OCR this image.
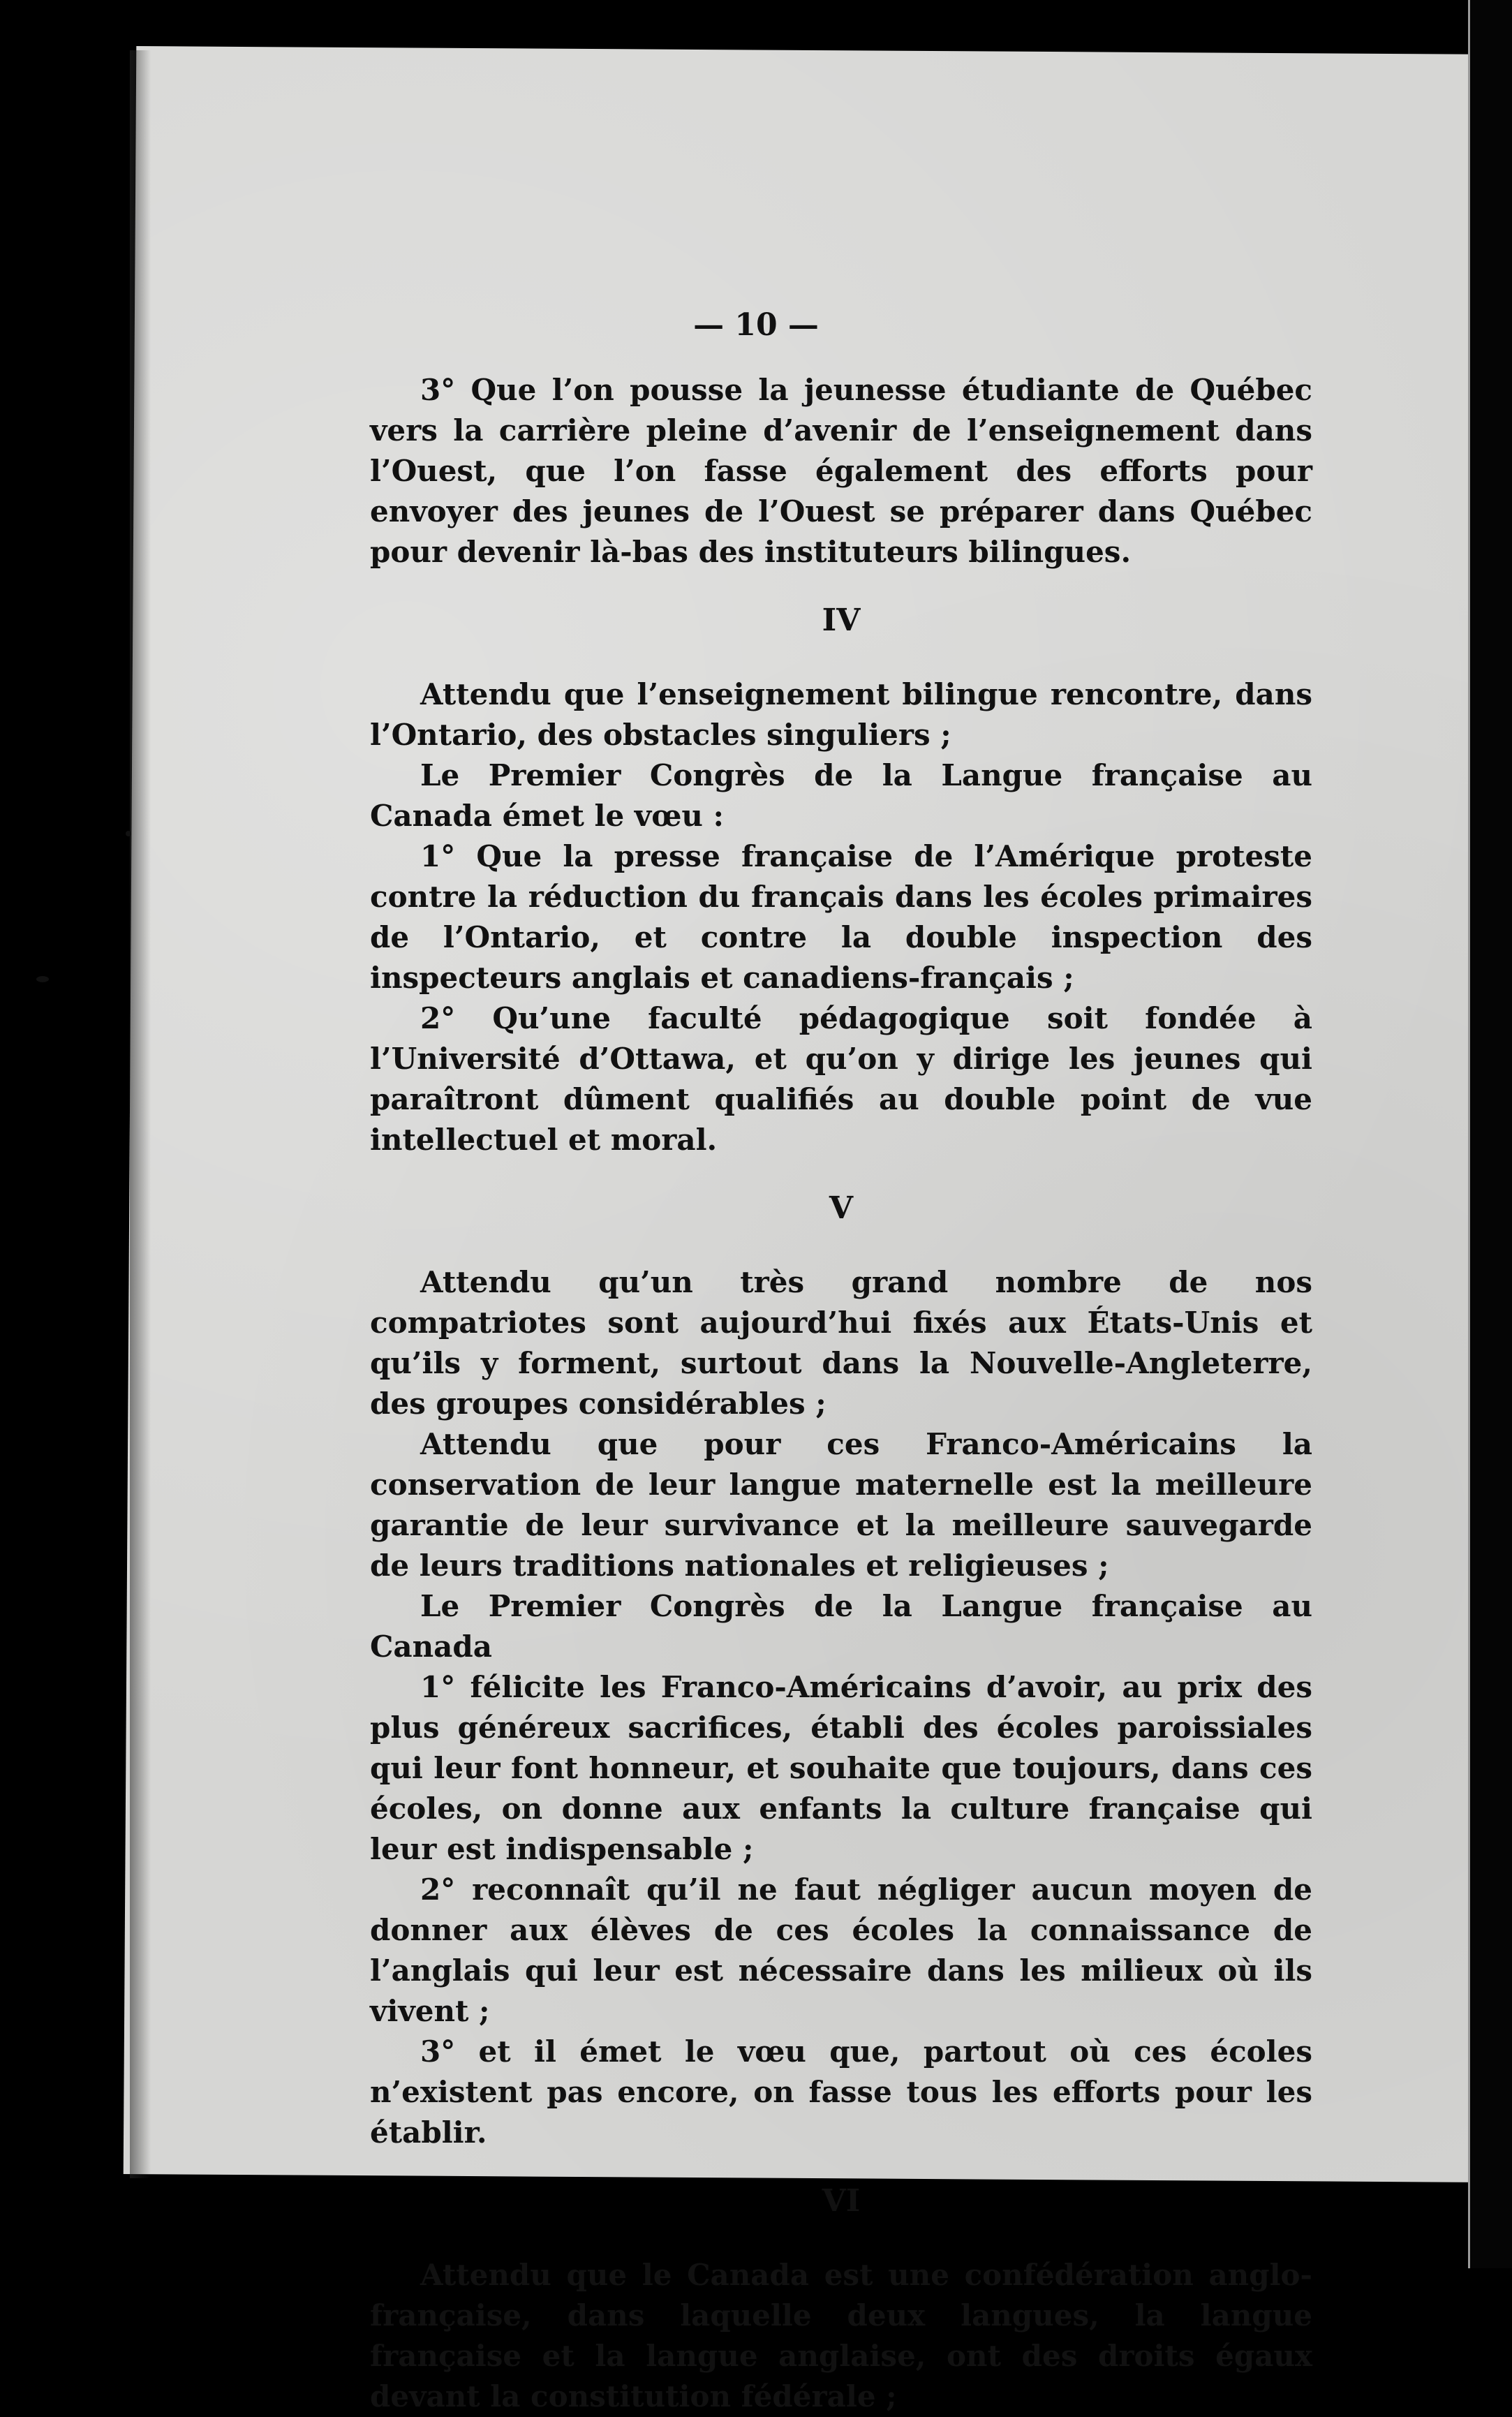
— 10 —

3° Que l’on pousse la jeunesse étudiante de Québec vers la carrière pleine d’avenir de l’enseignement dans l’Ouest, que l’on fasse également des efforts pour envoyer des jeunes de l’Ouest se préparer dans Québec pour devenir là-bas des instituteurs bilingues.

IV

Attendu que l’enseignement bilingue rencontre, dans l’Ontario, des obstacles singuliers ;

Le Premier Congrès de la Langue française au Canada émet le vœu :

1° Que la presse française de l’Amérique proteste contre la réduction du français dans les écoles primaires de l’Ontario, et contre la double inspection des inspecteurs anglais et canadiens-français ;

2° Qu’une faculté pédagogique soit fondée à l’Université d’Ottawa, et qu’on y dirige les jeunes qui paraîtront dûment qualifiés au double point de vue intellectuel et moral.

V

Attendu qu’un très grand nombre de nos compatriotes sont aujourd’hui fixés aux États-Unis et qu’ils y forment, surtout dans la Nouvelle-Angleterre, des groupes considérables ;

Attendu que pour ces Franco-Américains la conservation de leur langue maternelle est la meilleure garantie de leur survivance et la meilleure sauvegarde de leurs traditions nationales et religieuses ;

Le Premier Congrès de la Langue française au Canada

1° félicite les Franco-Américains d’avoir, au prix des plus généreux sacrifices, établi des écoles paroissiales qui leur font honneur, et souhaite que toujours, dans ces écoles, on donne aux enfants la culture française qui leur est indispensable ;

2° reconnaît qu’il ne faut négliger aucun moyen de donner aux élèves de ces écoles la connaissance de l’anglais qui leur est nécessaire dans les milieux où ils vivent ;

3° et il émet le vœu que, partout où ces écoles n’existent pas encore, on fasse tous les efforts pour les établir.

VI

Attendu que le Canada est une confédération anglo-française, dans laquelle deux langues, la langue française et la langue anglaise, ont des droits égaux devant la constitution fédérale ;
